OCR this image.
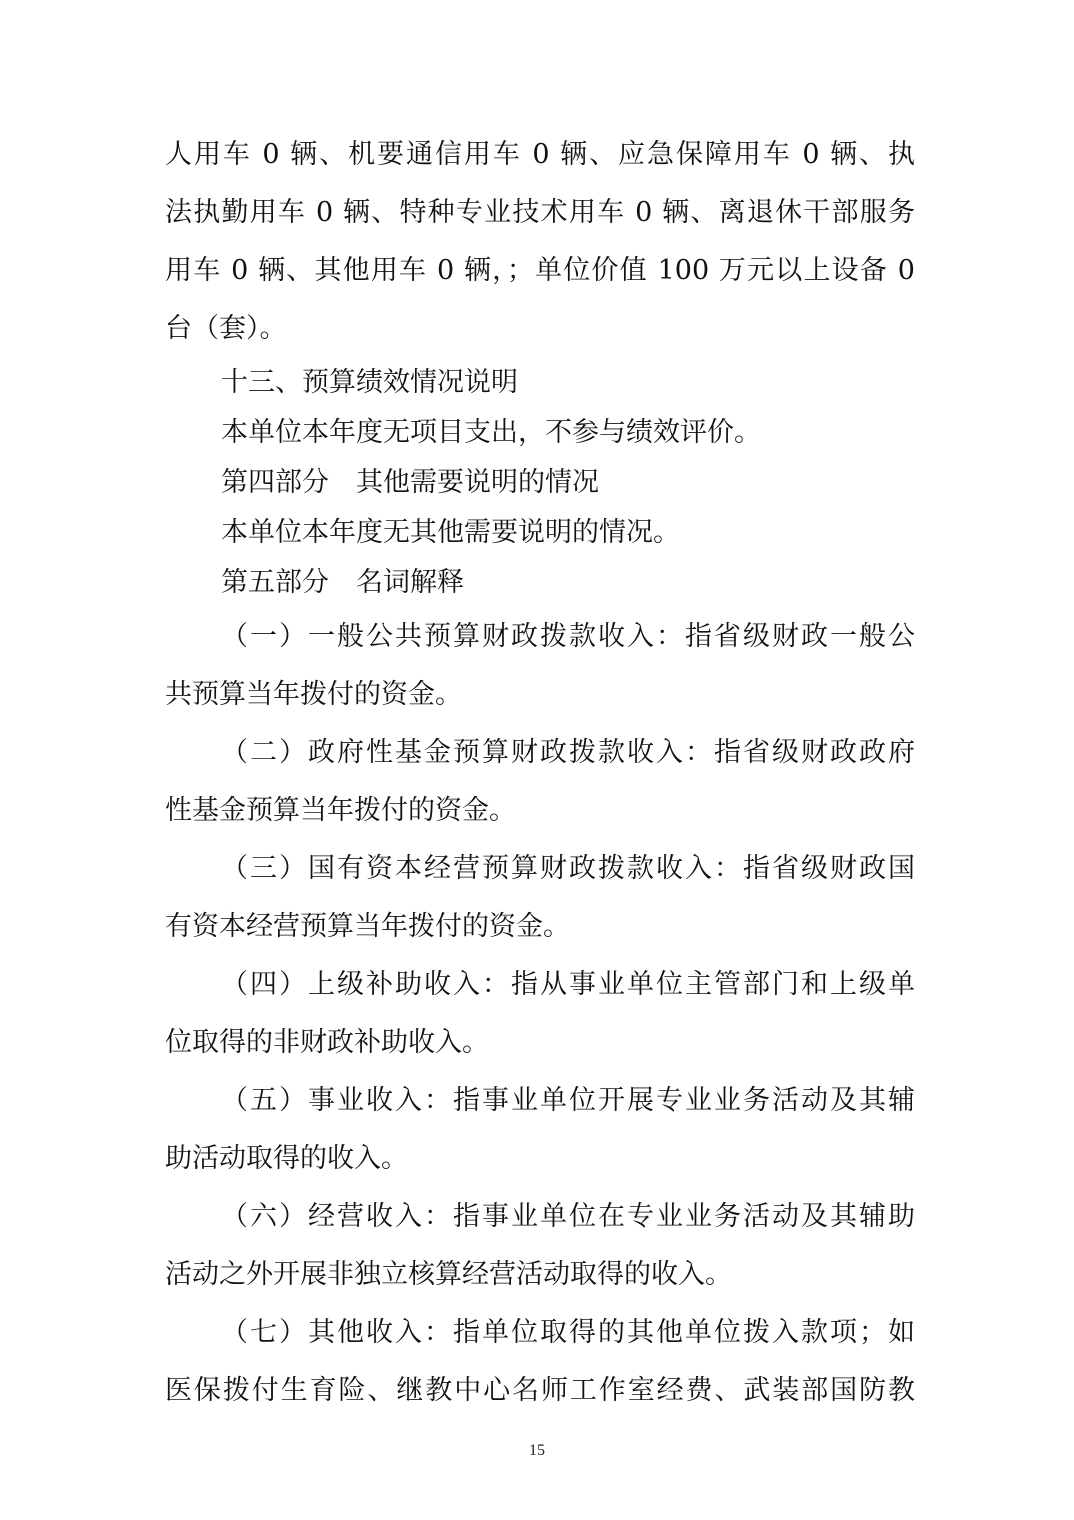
人用车 0 辆、机要通信用车 0 辆、应急保障用车 0 辆、执
法执勤用车 0 辆、特种专业技术用车 0 辆、离退休干部服务
用车 0 辆、其他用车 0 辆，；单位价值 100 万元以上设备 0
台（套）。
十三、预算绩效情况说明
本单位本年度无项目支出，不参与绩效评价。
第四部分　其他需要说明的情况
本单位本年度无其他需要说明的情况。
第五部分　名词解释
（一）一般公共预算财政拨款收入：指省级财政一般公
共预算当年拨付的资金。
（二）政府性基金预算财政拨款收入：指省级财政政府
性基金预算当年拨付的资金。
（三）国有资本经营预算财政拨款收入：指省级财政国
有资本经营预算当年拨付的资金。
（四）上级补助收入：指从事业单位主管部门和上级单
位取得的非财政补助收入。
（五）事业收入：指事业单位开展专业业务活动及其辅
助活动取得的收入。
（六）经营收入：指事业单位在专业业务活动及其辅助
活动之外开展非独立核算经营活动取得的收入。
（七）其他收入：指单位取得的其他单位拨入款项；如
医保拨付生育险、继教中心名师工作室经费、武装部国防教
15
